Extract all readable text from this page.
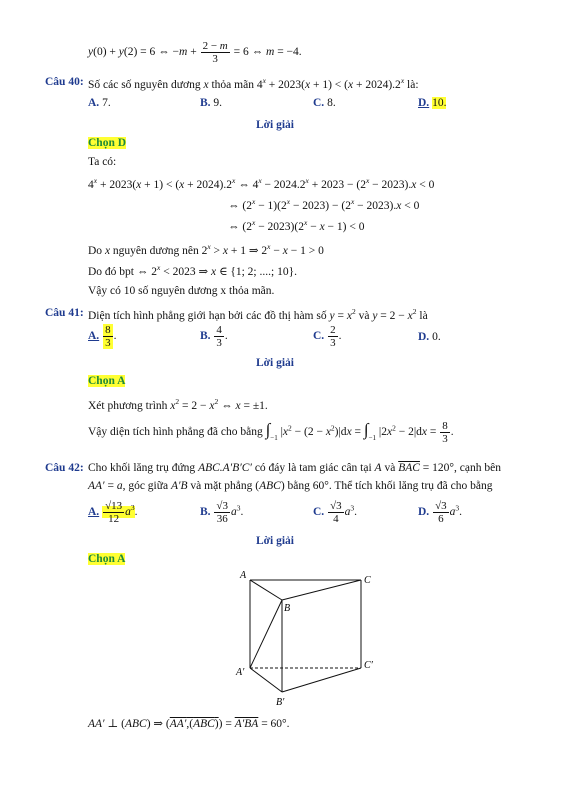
y(0) + y(2) = 6 ⇔ $-m + \frac{2 - m}{3} = 6$ ⇔ m = −4.
Câu 40: Số các số nguyên dương x thỏa mãn $4^x + 2023(x + 1) < (x + 2024).2^x$ là:
A. 7.	B. 9.	C. 8.	D. 10.
Lời giải
Chọn D
Ta có:
$4^x + 2023(x + 1) < (x + 2024).2^x$ ⇔ $4^x - 2024.2^x + 2023 - (2^x - 2023).x < 0$
⇔ $(2^x - 1)(2^x - 2023) - (2^x - 2023).x < 0$
⇔ $(2^x - 2023)(2^x - x - 1) < 0$
Do x nguyên dương nên $2^x > x + 1$ ⇒ $2^x - x - 1 > 0$
Do đó bpt ⇔ $2^x < 2023$ ⇒ x ∈ {1; 2; ....; 10}.
Vậy có 10 số nguyên dương x thỏa mãn.
Câu 41: Diện tích hình phẳng giới hạn bởi các đồ thị hàm số $y = x^2$ và $y = 2 - x^2$ là
A. $\frac{8}{3}$ .	B. $\frac{4}{3}$ .	C. $\frac{2}{3}$ .	D. 0.
Lời giải
Chọn A
Xét phương trình $x^2 = 2 - x^2$ ⇔ x = ±1.
Vậy diện tích hình phẳng đã cho bằng $\int_{-1}$ $|x^2 - (2 - x^2)|dx = \int_{-1}$ $|2x^2 - 2|dx = \frac{8}{3}$ .
Câu 42: Cho khối lăng trụ đứng ABC.A′B′C′ có đáy là tam giác cân tại A và $\overline{BAC} = 120^\circ$, cạnh bên
AA′ = a, góc giữa A′B và mặt phẳng (ABC) bằng 60°. Thể tích khối lăng trụ đã cho bằng
A. $\frac{√13}{12} a^3$.	B. $\frac{√3}{36} a^3$.	C. $\frac{√3}{4} a^3$.	D. $\frac{√3}{6} a^3$.
Lời giải
Chọn A
A
B
C
A′
B′
C′
AA′ ⊥ (ABC) ⇒ (AA′,(ABC)) = A′BA = 60°.
